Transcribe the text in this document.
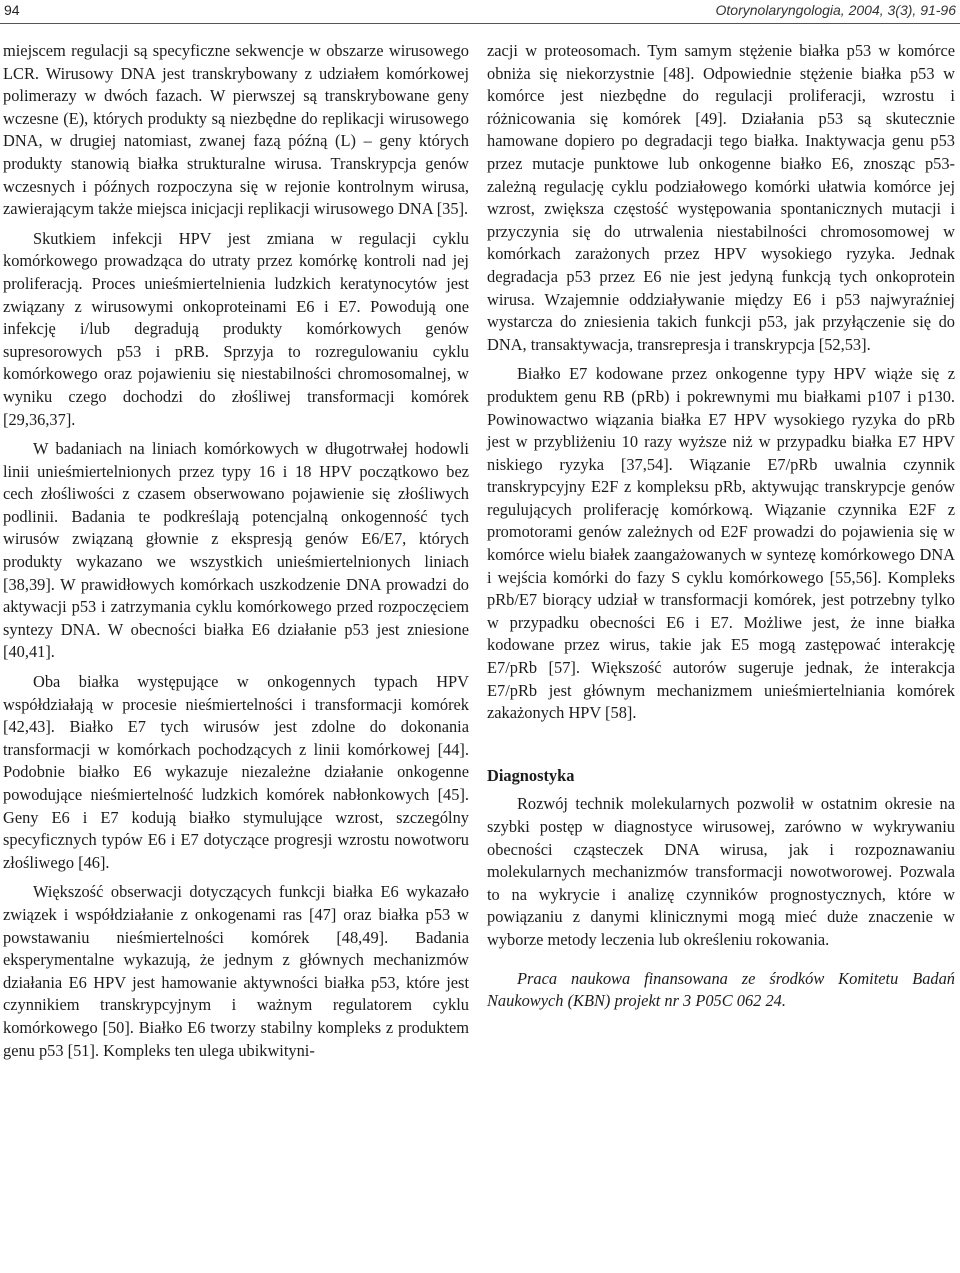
94	Otorynolaryngologia, 2004, 3(3), 91-96

miejscem regulacji są specyficzne sekwencje w obszarze wirusowego LCR. Wirusowy DNA jest transkrybowany z udziałem komórkowej polimerazy w dwóch fazach. W pierwszej są transkrybowane geny wczesne (E), których produkty są niezbędne do replikacji wirusowego DNA, w drugiej natomiast, zwanej fazą późną (L) – geny których produkty stanowią białka strukturalne wirusa. Transkrypcja genów wczesnych i późnych rozpoczyna się w rejonie kontrolnym wirusa, zawierającym także miejsca inicjacji replikacji wirusowego DNA [35].

Skutkiem infekcji HPV jest zmiana w regulacji cyklu komórkowego prowadząca do utraty przez komórkę kontroli nad jej proliferacją. Proces unieśmiertelnienia ludzkich keratynocytów jest związany z wirusowymi onkoproteinami E6 i E7. Powodują one infekcję i/lub degradują produkty komórkowych genów supresorowych p53 i pRB. Sprzyja to rozregulowaniu cyklu komórkowego oraz pojawieniu się niestabilności chromosomalnej, w wyniku czego dochodzi do złośliwej transformacji komórek [29,36,37].

W badaniach na liniach komórkowych w długotrwałej hodowli linii unieśmiertelnionych przez typy 16 i 18 HPV początkowo bez cech złośliwości z czasem obserwowano pojawienie się złośliwych podlinii. Badania te podkreślają potencjalną onkogenność tych wirusów związaną głownie z ekspresją genów E6/E7, których produkty wykazano we wszystkich unieśmiertelnionych liniach [38,39]. W prawidłowych komórkach uszkodzenie DNA prowadzi do aktywacji p53 i zatrzymania cyklu komórkowego przed rozpoczęciem syntezy DNA. W obecności białka E6 działanie p53 jest zniesione [40,41].

Oba białka występujące w onkogennych typach HPV współdziałają w procesie nieśmiertelności i transformacji komórek [42,43]. Białko E7 tych wirusów jest zdolne do dokonania transformacji w komórkach pochodzących z linii komórkowej [44]. Podobnie białko E6 wykazuje niezależne działanie onkogenne powodujące nieśmiertelność ludzkich komórek nabłonkowych [45]. Geny E6 i E7 kodują białko stymulujące wzrost, szczególny specyficznych typów E6 i E7 dotyczące progresji wzrostu nowotworu złośliwego [46].

Większość obserwacji dotyczących funkcji białka E6 wykazało związek i współdziałanie z onkogenami ras [47] oraz białka p53 w powstawaniu nieśmiertelności komórek [48,49]. Badania eksperymentalne wykazują, że jednym z głównych mechanizmów działania E6 HPV jest hamowanie aktywności białka p53, które jest czynnikiem transkrypcyjnym i ważnym regulatorem cyklu komórkowego [50]. Białko E6 tworzy stabilny kompleks z produktem genu p53 [51]. Kompleks ten ulega ubikwityni-

zacji w proteosomach. Tym samym stężenie białka p53 w komórce obniża się niekorzystnie [48]. Odpowiednie stężenie białka p53 w komórce jest niezbędne do regulacji proliferacji, wzrostu i różnicowania się komórek [49]. Działania p53 są skutecznie hamowane dopiero po degradacji tego białka. Inaktywacja genu p53 przez mutacje punktowe lub onkogenne białko E6, znosząc p53-zależną regulację cyklu podziałowego komórki ułatwia komórce jej wzrost, zwiększa częstość występowania spontanicznych mutacji i przyczynia się do utrwalenia niestabilności chromosomowej w komórkach zarażonych przez HPV wysokiego ryzyka. Jednak degradacja p53 przez E6 nie jest jedyną funkcją tych onkoprotein wirusa. Wzajemnie oddziaływanie między E6 i p53 najwyraźniej wystarcza do zniesienia takich funkcji p53, jak przyłączenie się do DNA, transaktywacja, transrepresja i transkrypcja [52,53].

Białko E7 kodowane przez onkogenne typy HPV wiąże się z produktem genu RB (pRb) i pokrewnymi mu białkami p107 i p130. Powinowactwo wiązania białka E7 HPV wysokiego ryzyka do pRb jest w przybliżeniu 10 razy wyższe niż w przypadku białka E7 HPV niskiego ryzyka [37,54]. Wiązanie E7/pRb uwalnia czynnik transkrypcyjny E2F z kompleksu pRb, aktywując transkrypcje genów regulujących proliferację komórkową. Wiązanie czynnika E2F z promotorami genów zależnych od E2F prowadzi do pojawienia się w komórce wielu białek zaangażowanych w syntezę komórkowego DNA i wejścia komórki do fazy S cyklu komórkowego [55,56]. Kompleks pRb/E7 biorący udział w transformacji komórek, jest potrzebny tylko w przypadku obecności E6 i E7. Możliwe jest, że inne białka kodowane przez wirus, takie jak E5 mogą zastępować interakcję E7/pRb [57]. Większość autorów sugeruje jednak, że interakcja E7/pRb jest głównym mechanizmem unieśmiertelniania komórek zakażonych HPV [58].

Diagnostyka

Rozwój technik molekularnych pozwolił w ostatnim okresie na szybki postęp w diagnostyce wirusowej, zarówno w wykrywaniu obecności cząsteczek DNA wirusa, jak i rozpoznawaniu molekularnych mechanizmów transformacji nowotworowej. Pozwala to na wykrycie i analizę czynników prognostycznych, które w powiązaniu z danymi klinicznymi mogą mieć duże znaczenie w wyborze metody leczenia lub określeniu rokowania.

Praca naukowa finansowana ze środków Komitetu Badań Naukowych (KBN) projekt nr 3 P05C 062 24.
